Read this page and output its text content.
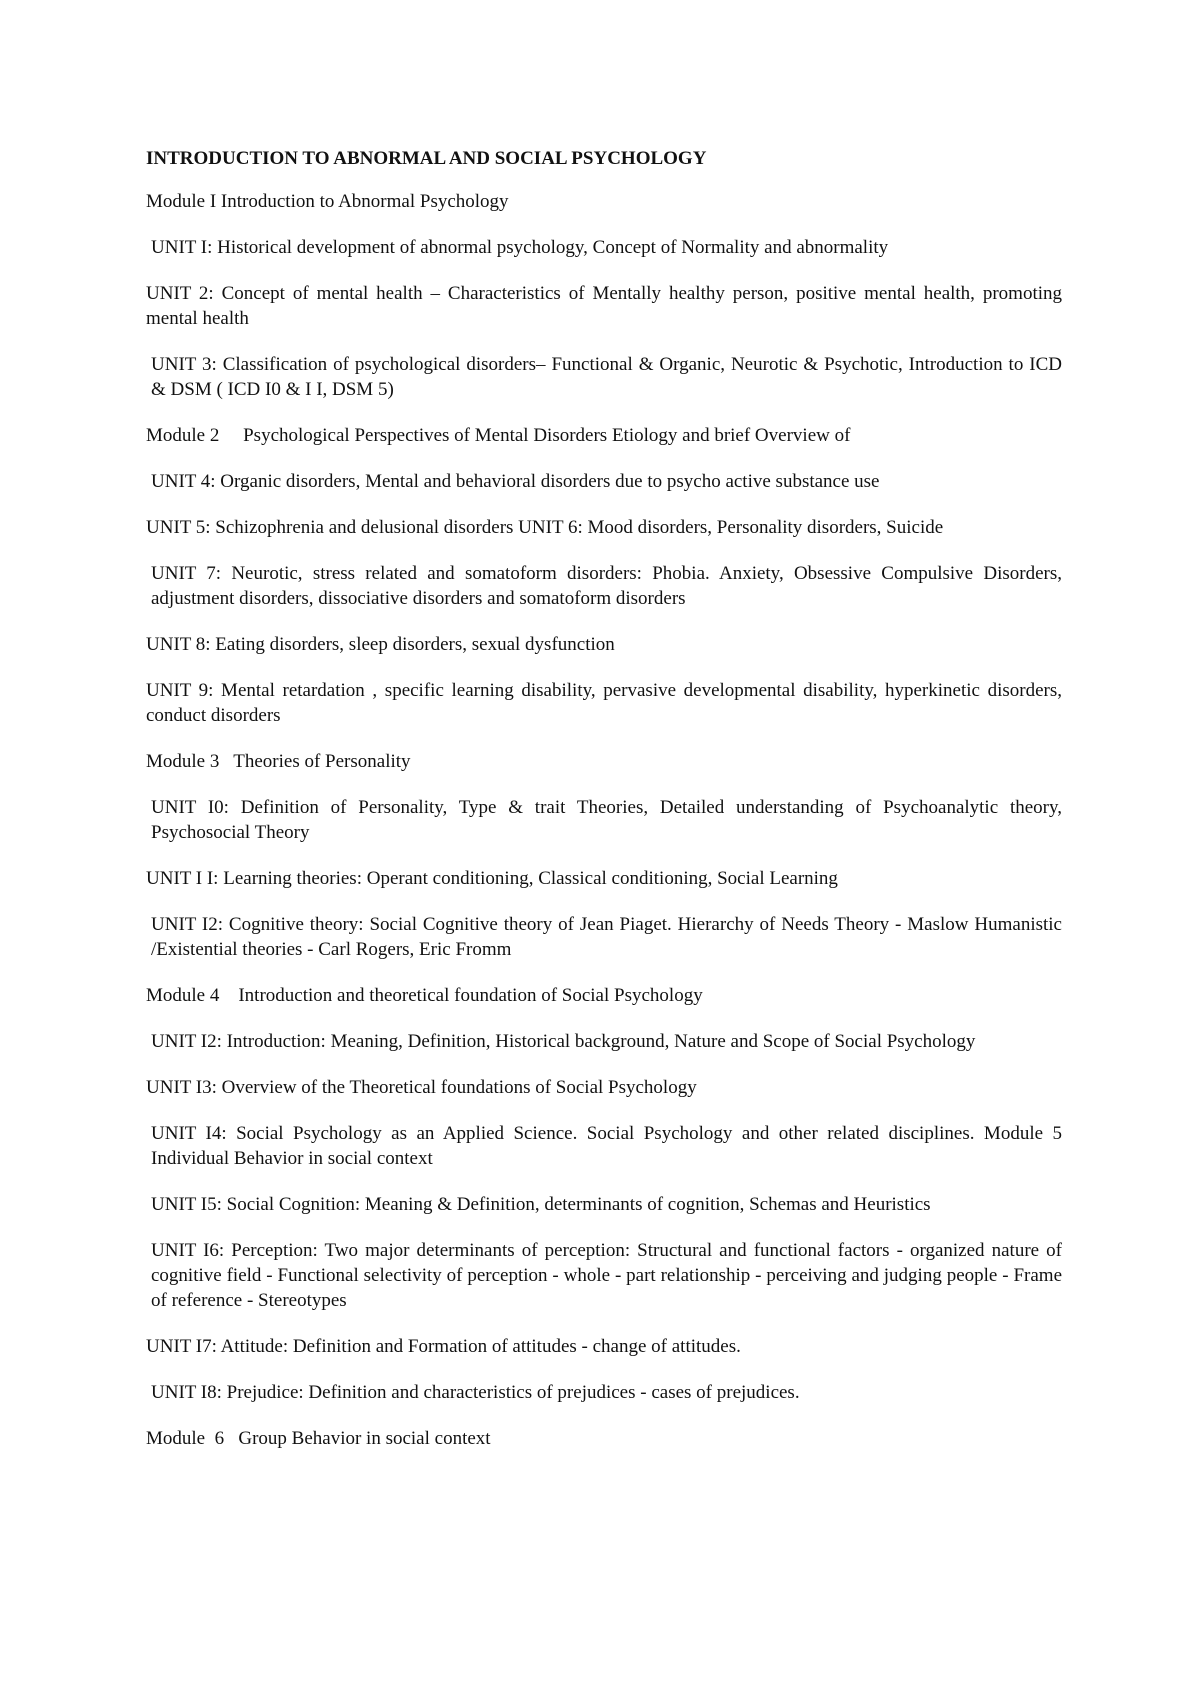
INTRODUCTION TO ABNORMAL AND SOCIAL PSYCHOLOGY
Module I Introduction to Abnormal Psychology
UNIT I: Historical development of abnormal psychology, Concept of Normality and abnormality
UNIT 2: Concept of mental health – Characteristics of Mentally healthy person, positive mental health, promoting mental health
UNIT 3: Classification of psychological disorders– Functional & Organic, Neurotic & Psychotic, Introduction to ICD & DSM ( ICD I0 & I I, DSM 5)
Module 2     Psychological Perspectives of Mental Disorders Etiology and brief Overview of
UNIT 4: Organic disorders, Mental and behavioral disorders due to psycho active substance use
UNIT 5: Schizophrenia and delusional disorders UNIT 6: Mood disorders, Personality disorders, Suicide
UNIT 7: Neurotic, stress related and somatoform disorders: Phobia. Anxiety, Obsessive Compulsive Disorders, adjustment disorders, dissociative disorders and somatoform disorders
UNIT 8: Eating disorders, sleep disorders, sexual dysfunction
UNIT 9: Mental retardation , specific learning disability, pervasive developmental disability, hyperkinetic disorders, conduct disorders
Module 3   Theories of Personality
UNIT I0: Definition of Personality, Type & trait Theories, Detailed understanding of Psychoanalytic theory, Psychosocial Theory
UNIT I I: Learning theories: Operant conditioning, Classical conditioning, Social Learning
UNIT I2: Cognitive theory: Social Cognitive theory of Jean Piaget. Hierarchy of Needs Theory - Maslow Humanistic /Existential theories - Carl Rogers, Eric Fromm
Module 4    Introduction and theoretical foundation of Social Psychology
UNIT I2: Introduction: Meaning, Definition, Historical background, Nature and Scope of Social Psychology
UNIT I3: Overview of the Theoretical foundations of Social Psychology
UNIT I4: Social Psychology as an Applied Science. Social Psychology and other related disciplines. Module 5 Individual Behavior in social context
UNIT I5: Social Cognition: Meaning & Definition, determinants of cognition, Schemas and Heuristics
UNIT I6: Perception: Two major determinants of perception: Structural and functional factors - organized nature of cognitive field - Functional selectivity of perception - whole - part relationship - perceiving and judging people - Frame of reference - Stereotypes
UNIT I7: Attitude: Definition and Formation of attitudes - change of attitudes.
UNIT I8: Prejudice: Definition and characteristics of prejudices - cases of prejudices.
Module  6   Group Behavior in social context
